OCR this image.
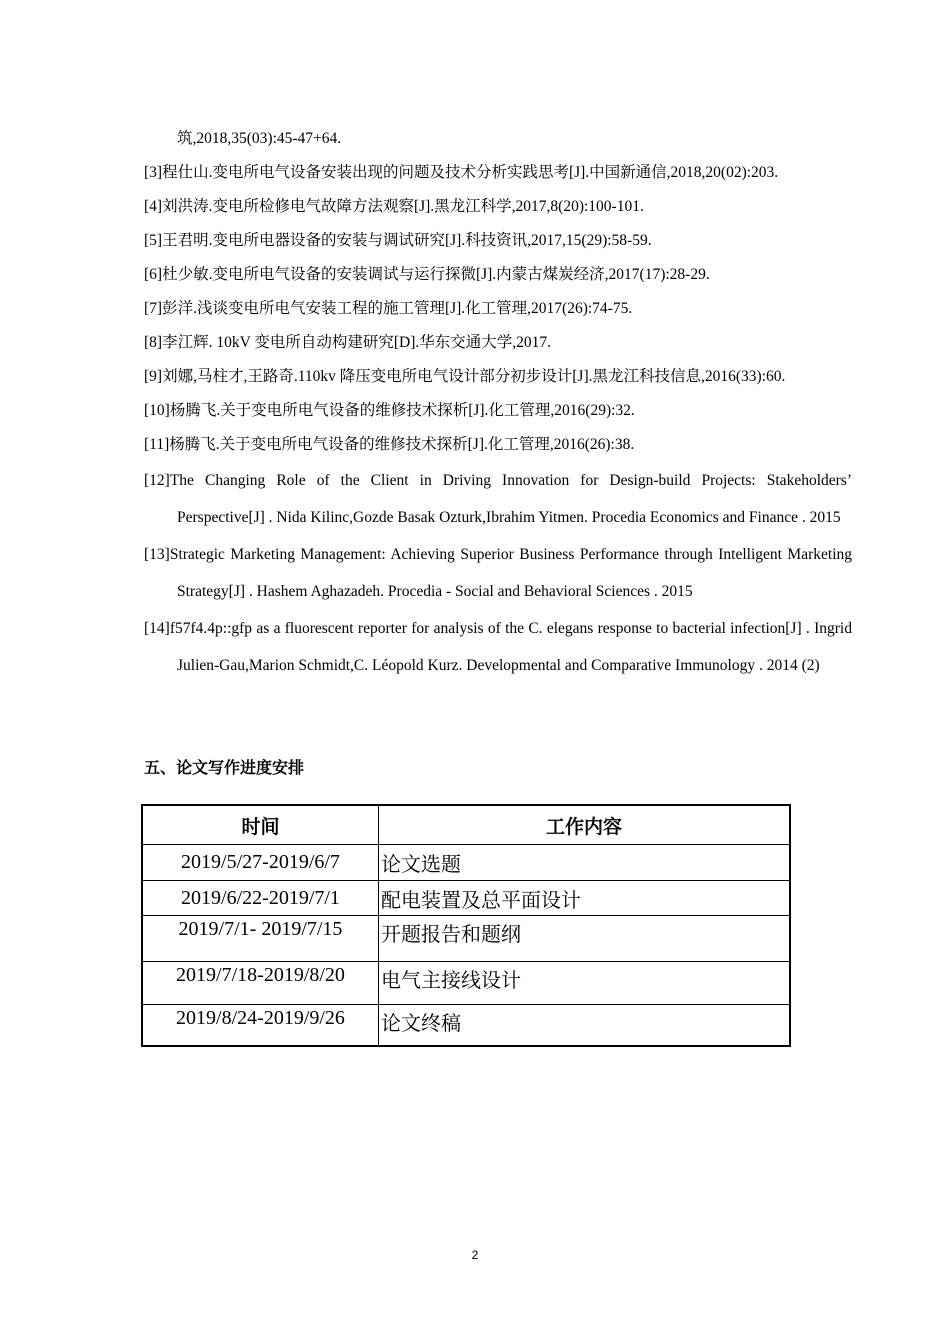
筑,2018,35(03):45-47+64.

[3]程仕山.变电所电气设备安装出现的问题及技术分析实践思考[J].中国新通信,2018,20(02):203.

[4]刘洪涛.变电所检修电气故障方法观察[J].黑龙江科学,2017,8(20):100-101.

[5]王君明.变电所电器设备的安装与调试研究[J].科技资讯,2017,15(29):58-59.

[6]杜少敏.变电所电气设备的安装调试与运行探微[J].内蒙古煤炭经济,2017(17):28-29.

[7]彭洋.浅谈变电所电气安装工程的施工管理[J].化工管理,2017(26):74-75.

[8]李江辉. 10kV 变电所自动构建研究[D].华东交通大学,2017.

[9]刘娜,马柱才,王路奇.110kv 降压变电所电气设计部分初步设计[J].黑龙江科技信息,2016(33):60.

[10]杨腾飞.关于变电所电气设备的维修技术探析[J].化工管理,2016(29):32.

[11]杨腾飞.关于变电所电气设备的维修技术探析[J].化工管理,2016(26):38.

[12]The Changing Role of the Client in Driving Innovation for Design-build Projects: Stakeholders’ Perspective[J] . Nida Kilinc,Gozde Basak Ozturk,Ibrahim Yitmen. Procedia Economics and Finance . 2015

[13]Strategic Marketing Management: Achieving Superior Business Performance through Intelligent Marketing Strategy[J] . Hashem Aghazadeh. Procedia - Social and Behavioral Sciences . 2015

[14]f57f4.4p::gfp as a fluorescent reporter for analysis of the C. elegans response to bacterial infection[J] . Ingrid Julien-Gau,Marion Schmidt,C. Léopold Kurz. Developmental and Comparative Immunology . 2014 (2)

五、论文写作进度安排
时间	工作内容
2019/5/27-2019/6/7	论文选题
2019/6/22-2019/7/1	配电装置及总平面设计
2019/7/1- 2019/7/15	开题报告和题纲
2019/7/18-2019/8/20	电气主接线设计
2019/8/24-2019/9/26	论文终稿
2
